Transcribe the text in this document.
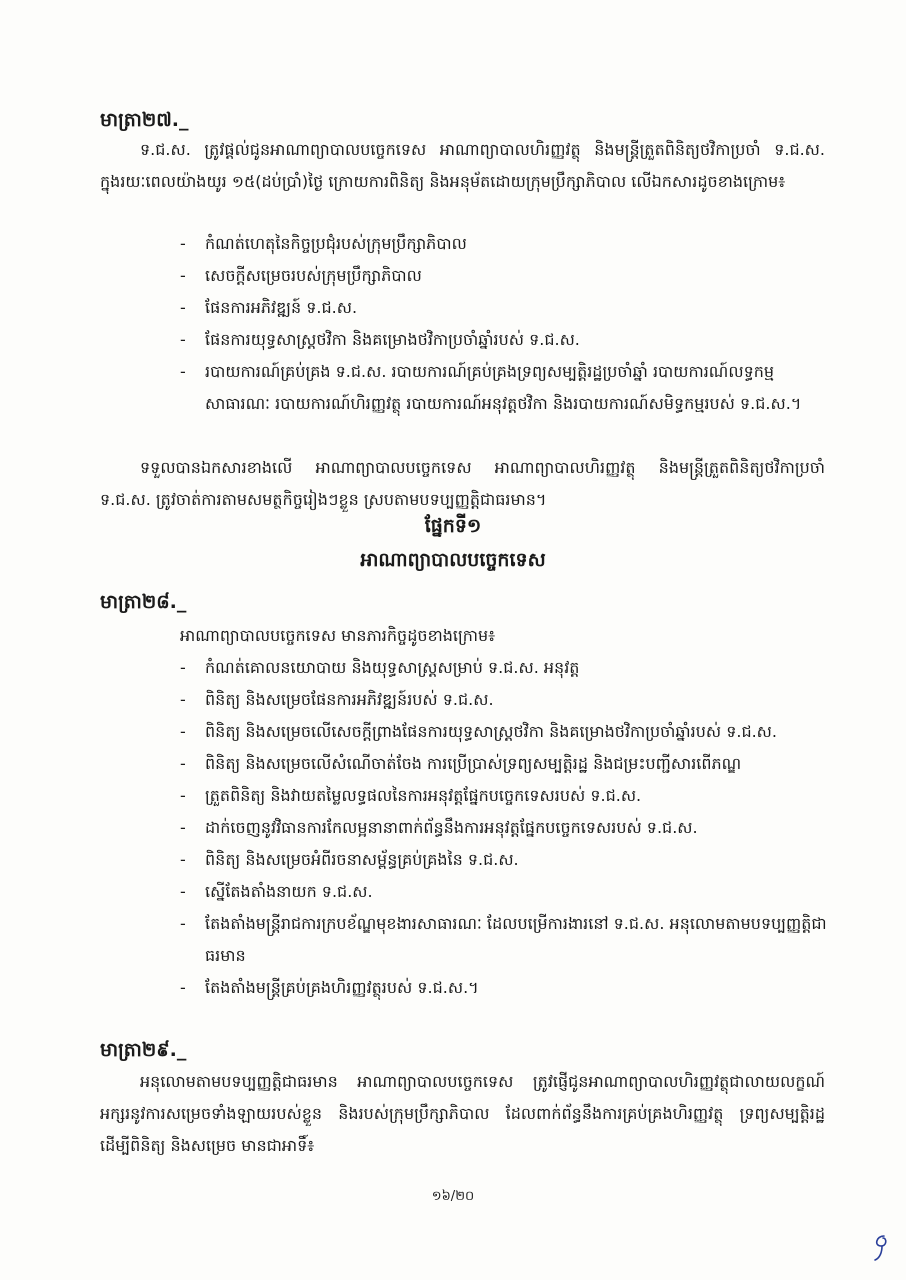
មាត្រា២៧._
ទ.ជ.ស. ត្រូវផ្តល់ជូនអាណាព្យាបាលបច្ចេកទេស អាណាព្យាបាលហិរញ្ញវត្ថុ និងមន្ត្រីត្រួតពិនិត្យថវិកាប្រចាំ ទ.ជ.ស. ក្នុងរយៈពេលយ៉ាងយូរ ១៥(ដប់ប្រាំ)ថ្ងៃ ក្រោយការពិនិត្យ និងអនុម័តដោយក្រុមប្រឹក្សាភិបាល លើឯកសារដូចខាងក្រោម៖
- កំណត់ហេតុនៃកិច្ចប្រជុំរបស់ក្រុមប្រឹក្សាភិបាល
- សេចក្តីសម្រេចរបស់ក្រុមប្រឹក្សាភិបាល
- ផែនការអភិវឌ្ឍន៍ ទ.ជ.ស.
- ផែនការយុទ្ធសាស្ត្រថវិកា និងគម្រោងថវិកាប្រចាំឆ្នាំរបស់ ទ.ជ.ស.
- របាយការណ៍គ្រប់គ្រង ទ.ជ.ស. របាយការណ៍គ្រប់គ្រងទ្រព្យសម្បត្តិរដ្ឋប្រចាំឆ្នាំ របាយការណ៍លទ្ធកម្មសាធារណៈ របាយការណ៍ហិរញ្ញវត្ថុ របាយការណ៍អនុវត្តថវិកា និងរបាយការណ៍សមិទ្ធកម្មរបស់ ទ.ជ.ស.។
ទទួលបានឯកសារខាងលើ អាណាព្យាបាលបច្ចេកទេស អាណាព្យាបាលហិរញ្ញវត្ថុ និងមន្ត្រីត្រួតពិនិត្យថវិកាប្រចាំ ទ.ជ.ស. ត្រូវចាត់ការតាមសមត្ថកិច្ចរៀងៗខ្លួន ស្របតាមបទប្បញ្ញត្តិជាធរមាន។
ផ្នែកទី១
អាណាព្យាបាលបច្ចេកទេស
មាត្រា២៨._
អាណាព្យាបាលបច្ចេកទេស មានភារកិច្ចដូចខាងក្រោម៖
- កំណត់គោលនយោបាយ និងយុទ្ធសាស្ត្រសម្រាប់ ទ.ជ.ស. អនុវត្ត
- ពិនិត្យ និងសម្រេចផែនការអភិវឌ្ឍន៍របស់ ទ.ជ.ស.
- ពិនិត្យ និងសម្រេចលើសេចក្តីព្រាងផែនការយុទ្ធសាស្ត្រថវិកា និងគម្រោងថវិកាប្រចាំឆ្នាំរបស់ ទ.ជ.ស.
- ពិនិត្យ និងសម្រេចលើសំណើចាត់ចែង ការប្រើប្រាស់ទ្រព្យសម្បត្តិរដ្ឋ និងជម្រះបញ្ជីសារពើភណ្ឌ
- ត្រួតពិនិត្យ និងវាយតម្លៃលទ្ធផលនៃការអនុវត្តផ្នែកបច្ចេកទេសរបស់ ទ.ជ.ស.
- ដាក់ចេញនូវវិធានការកែលម្អនានាពាក់ព័ន្ធនឹងការអនុវត្តផ្នែកបច្ចេកទេសរបស់ ទ.ជ.ស.
- ពិនិត្យ និងសម្រេចអំពីរចនាសម្ព័ន្ធគ្រប់គ្រងនៃ ទ.ជ.ស.
- ស្នើតែងតាំងនាយក ទ.ជ.ស.
- តែងតាំងមន្ត្រីរាជការក្របខ័ណ្ឌមុខងារសាធារណៈ ដែលបម្រើការងារនៅ ទ.ជ.ស. អនុលោមតាមបទប្បញ្ញត្តិជាធរមាន
- តែងតាំងមន្ត្រីគ្រប់គ្រងហិរញ្ញវត្ថុរបស់ ទ.ជ.ស.។
មាត្រា២៩._
អនុលោមតាមបទប្បញ្ញត្តិជាធរមាន អាណាព្យាបាលបច្ចេកទេស ត្រូវផ្ញើជូនអាណាព្យាបាលហិរញ្ញវត្ថុជាលាយលក្ខណ៍អក្សរនូវការសម្រេចទាំងឡាយរបស់ខ្លួន និងរបស់ក្រុមប្រឹក្សាភិបាល ដែលពាក់ព័ន្ធនឹងការគ្រប់គ្រងហិរញ្ញវត្ថុ ទ្រព្យសម្បត្តិរដ្ឋ ដើម្បីពិនិត្យ និងសម្រេច មានជាអាទិ៍៖
១៦/២០
